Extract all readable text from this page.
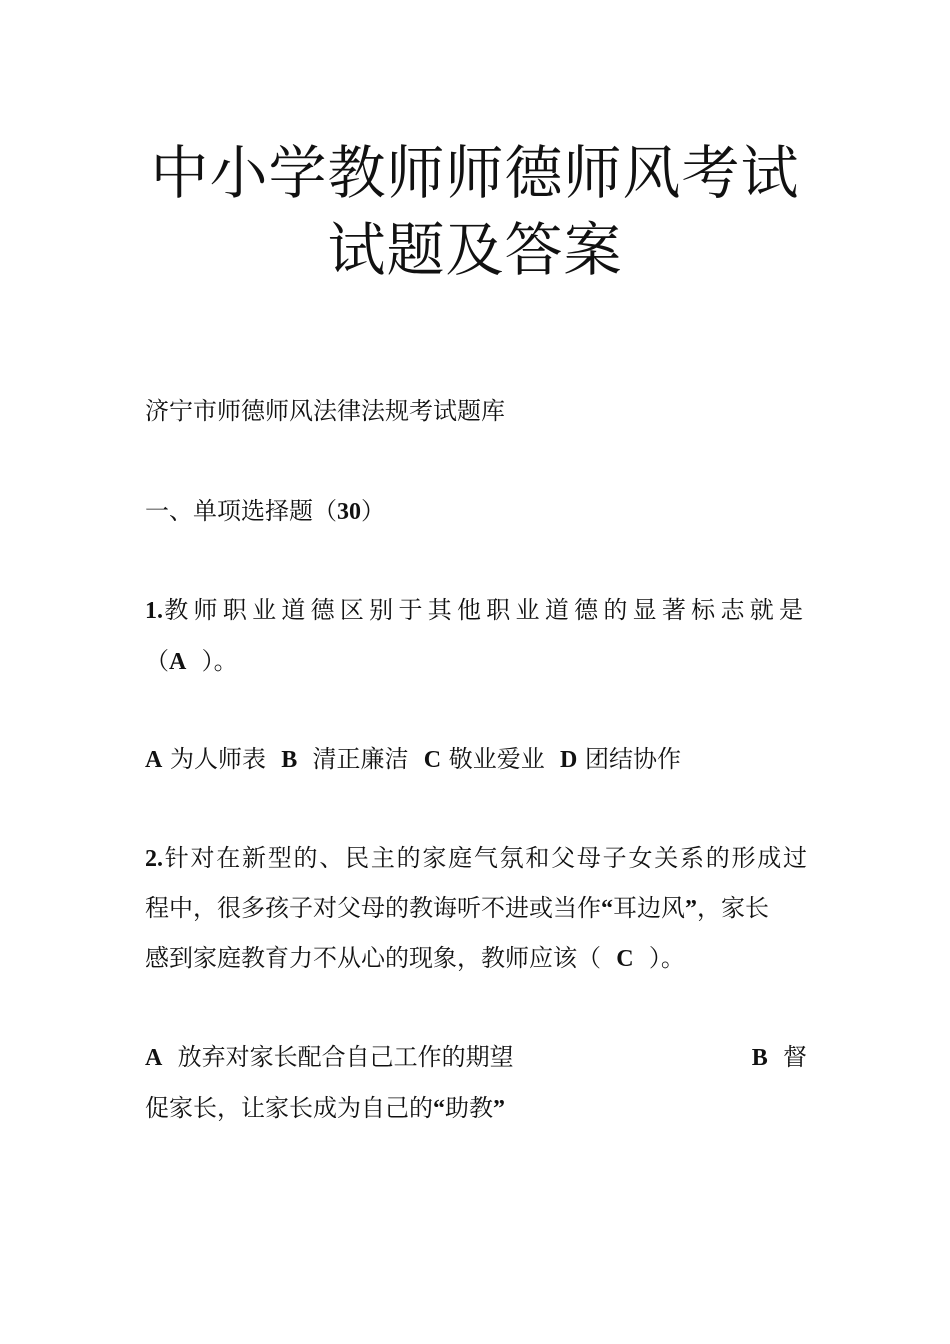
中小学教师师德师风考试
试题及答案

济宁市师德师风法律法规考试题库

一、单项选择题（30）

1.教师职业道德区别于其他职业道德的显著标志就是

（A  ）。

A 为人师表 B 清正廉洁 C 敬业爱业 D 团结协作

2.针对在新型的、民主的家庭气氛和父母子女关系的形成过

程中，很多孩子对父母的教诲听不进或当作“耳边风”，家长

感到家庭教育力不从心的现象，教师应该（ C ）。

A 放弃对家长配合自己工作的期望	B 督

促家长，让家长成为自己的“助教”
